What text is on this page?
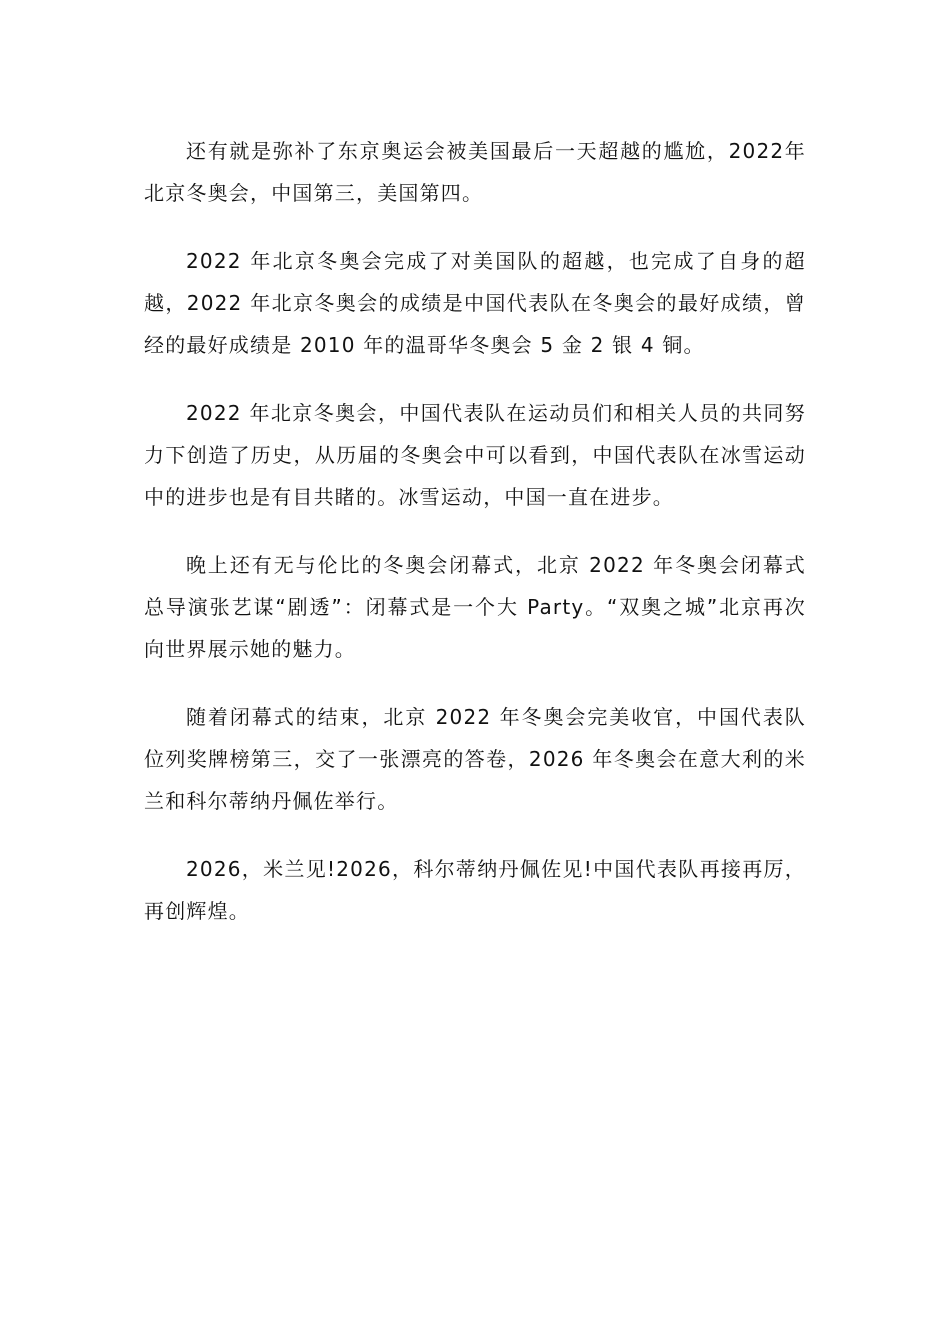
还有就是弥补了东京奥运会被美国最后一天超越的尴尬，2022年北京冬奥会，中国第三，美国第四。

2022 年北京冬奥会完成了对美国队的超越，也完成了自身的超越，2022 年北京冬奥会的成绩是中国代表队在冬奥会的最好成绩，曾经的最好成绩是 2010 年的温哥华冬奥会 5 金 2 银 4 铜。

2022 年北京冬奥会，中国代表队在运动员们和相关人员的共同努力下创造了历史，从历届的冬奥会中可以看到，中国代表队在冰雪运动中的进步也是有目共睹的。冰雪运动，中国一直在进步。

晚上还有无与伦比的冬奥会闭幕式，北京 2022 年冬奥会闭幕式总导演张艺谋“剧透”：闭幕式是一个大 Party。“双奥之城”北京再次向世界展示她的魅力。

随着闭幕式的结束，北京 2022 年冬奥会完美收官，中国代表队位列奖牌榜第三，交了一张漂亮的答卷，2026 年冬奥会在意大利的米兰和科尔蒂纳丹佩佐举行。

2026，米兰见!2026，科尔蒂纳丹佩佐见!中国代表队再接再厉，再创辉煌。
